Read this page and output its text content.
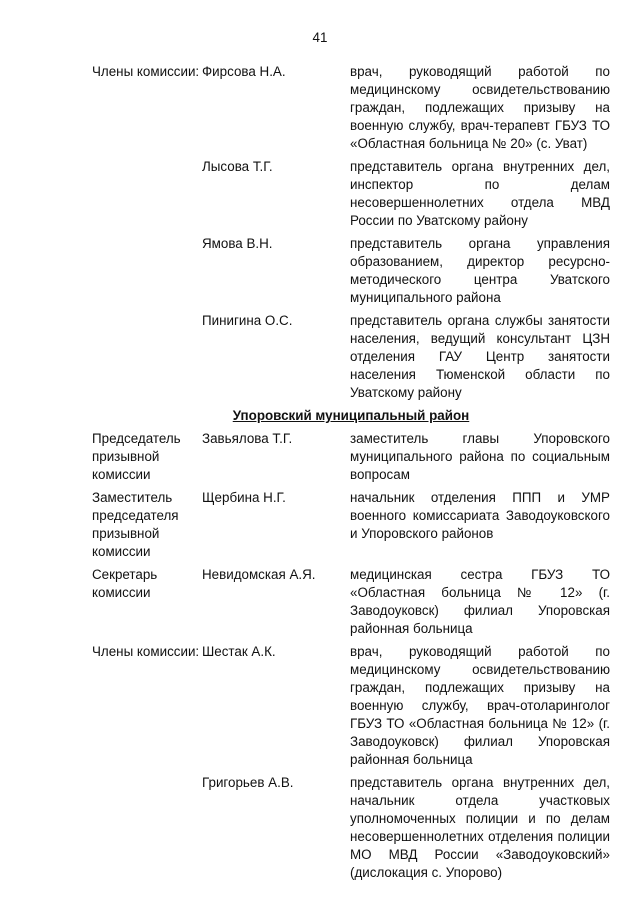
41
Члены комиссии:	Фирсова Н.А.	врач, руководящий работой по медицинскому освидетельствованию граждан, подлежащих призыву на военную службу, врач-терапевт ГБУЗ ТО «Областная больница № 20» (с. Уват)
	Лысова Т.Г.	представитель органа внутренних дел, инспектор по делам несовершеннолетних отдела МВД России по Уватскому району
	Ямова В.Н.	представитель органа управления образованием, директор ресурсно-методического центра Уватского муниципального района
	Пинигина О.С.	представитель органа службы занятости населения, ведущий консультант ЦЗН отделения ГАУ Центр занятости населения Тюменской области по Уватскому району
Упоровский муниципальный район		
Председатель призывной комиссии	Завьялова Т.Г.	заместитель главы Упоровского муниципального района по социальным вопросам
Заместитель председателя призывной комиссии	Щербина Н.Г.	начальник отделения ППП и УМР военного комиссариата Заводоуковского и Упоровского районов
Секретарь комиссии	Невидомская А.Я.	медицинская сестра ГБУЗ ТО «Областная больница № 12» (г. Заводоуковск) филиал Упоровская районная больница
Члены комиссии:	Шестак А.К.	врач, руководящий работой по медицинскому освидетельствованию граждан, подлежащих призыву на военную службу, врач-отоларинголог ГБУЗ ТО «Областная больница № 12» (г. Заводоуковск) филиал Упоровская районная больница
	Григорьев А.В.	представитель органа внутренних дел, начальник отдела участковых уполномоченных полиции и по делам несовершеннолетних отделения полиции МО МВД России «Заводоуковский» (дислокация с. Упорово)
